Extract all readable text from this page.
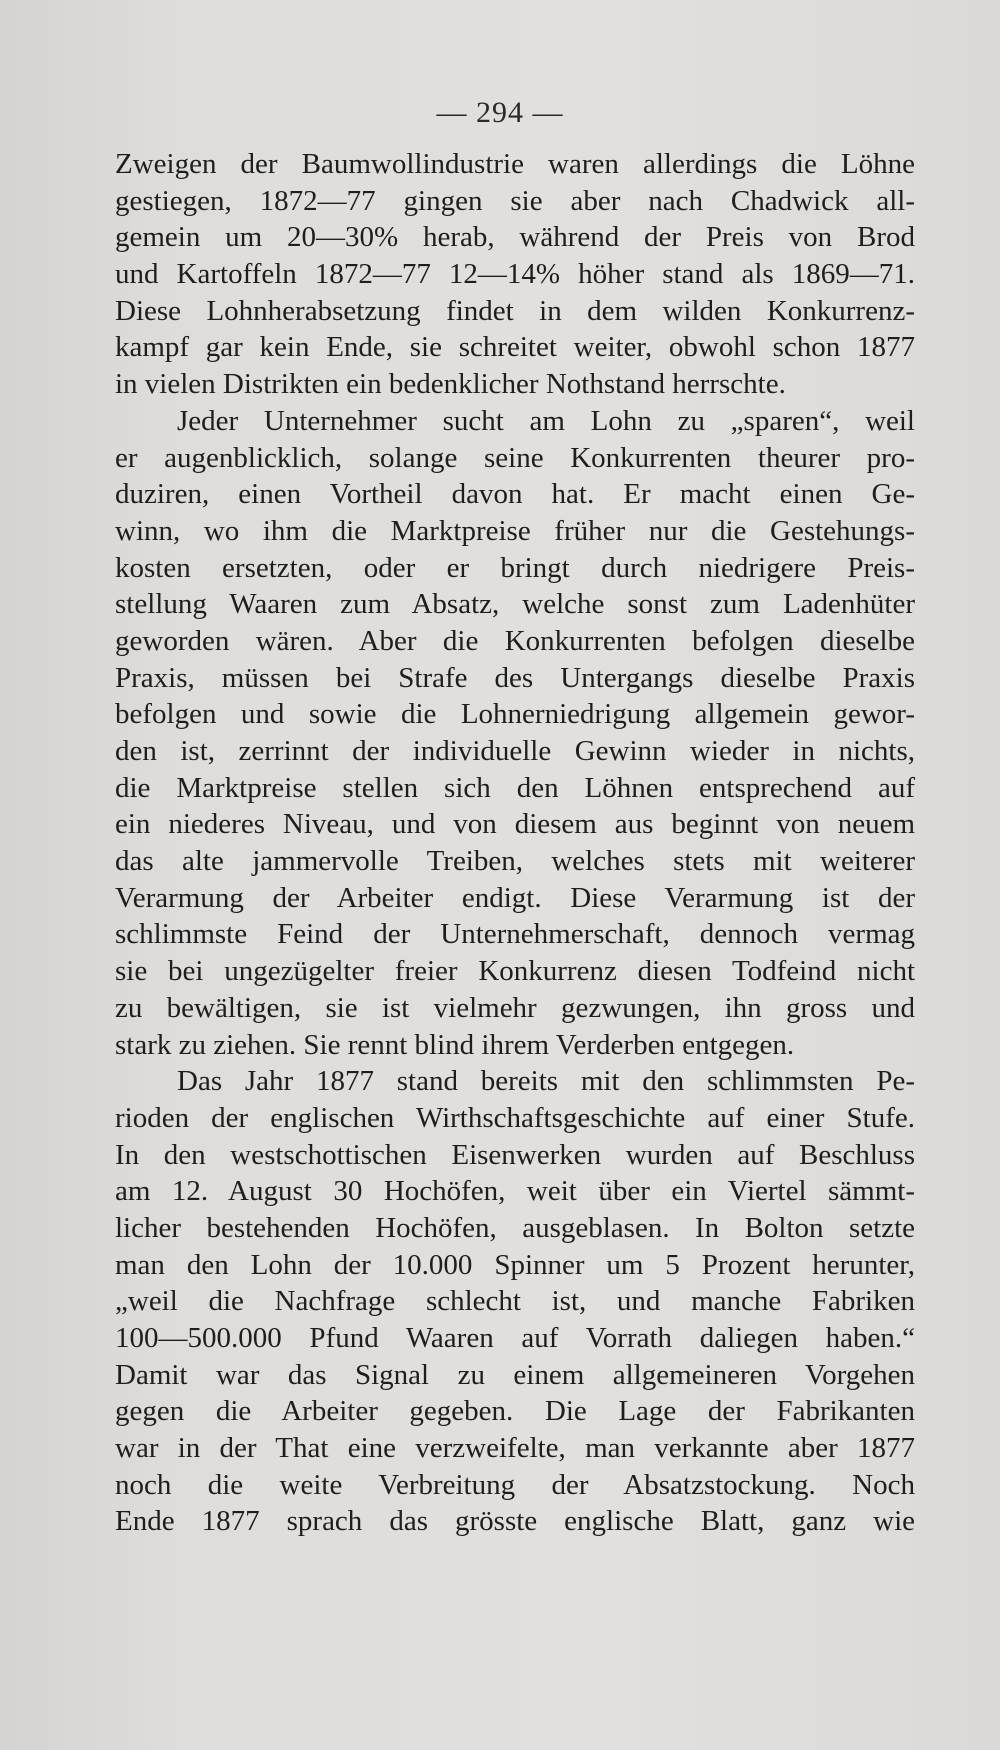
— 294 —
Zweigen der Baumwollindustrie waren allerdings die Löhne
gestiegen, 1872—77 gingen sie aber nach Chadwick all-
gemein um 20—30% herab, während der Preis von Brod
und Kartoffeln 1872—77 12—14% höher stand als 1869—71.
Diese Lohnherabsetzung findet in dem wilden Konkurrenz-
kampf gar kein Ende, sie schreitet weiter, obwohl schon 1877
in vielen Distrikten ein bedenklicher Nothstand herrschte.
Jeder Unternehmer sucht am Lohn zu „sparen“, weil
er augenblicklich, solange seine Konkurrenten theurer pro-
duziren, einen Vortheil davon hat. Er macht einen Ge-
winn, wo ihm die Marktpreise früher nur die Gestehungs-
kosten ersetzten, oder er bringt durch niedrigere Preis-
stellung Waaren zum Absatz, welche sonst zum Ladenhüter
geworden wären. Aber die Konkurrenten befolgen dieselbe
Praxis, müssen bei Strafe des Untergangs dieselbe Praxis
befolgen und sowie die Lohnerniedrigung allgemein gewor-
den ist, zerrinnt der individuelle Gewinn wieder in nichts,
die Marktpreise stellen sich den Löhnen entsprechend auf
ein niederes Niveau, und von diesem aus beginnt von neuem
das alte jammervolle Treiben, welches stets mit weiterer
Verarmung der Arbeiter endigt. Diese Verarmung ist der
schlimmste Feind der Unternehmerschaft, dennoch vermag
sie bei ungezügelter freier Konkurrenz diesen Todfeind nicht
zu bewältigen, sie ist vielmehr gezwungen, ihn gross und
stark zu ziehen. Sie rennt blind ihrem Verderben entgegen.
Das Jahr 1877 stand bereits mit den schlimmsten Pe-
rioden der englischen Wirthschaftsgeschichte auf einer Stufe.
In den westschottischen Eisenwerken wurden auf Beschluss
am 12. August 30 Hochöfen, weit über ein Viertel sämmt-
licher bestehenden Hochöfen, ausgeblasen. In Bolton setzte
man den Lohn der 10.000 Spinner um 5 Prozent herunter,
„weil die Nachfrage schlecht ist, und manche Fabriken
100—500.000 Pfund Waaren auf Vorrath daliegen haben.“
Damit war das Signal zu einem allgemeineren Vorgehen
gegen die Arbeiter gegeben. Die Lage der Fabrikanten
war in der That eine verzweifelte, man verkannte aber 1877
noch die weite Verbreitung der Absatzstockung. Noch
Ende 1877 sprach das grösste englische Blatt, ganz wie
